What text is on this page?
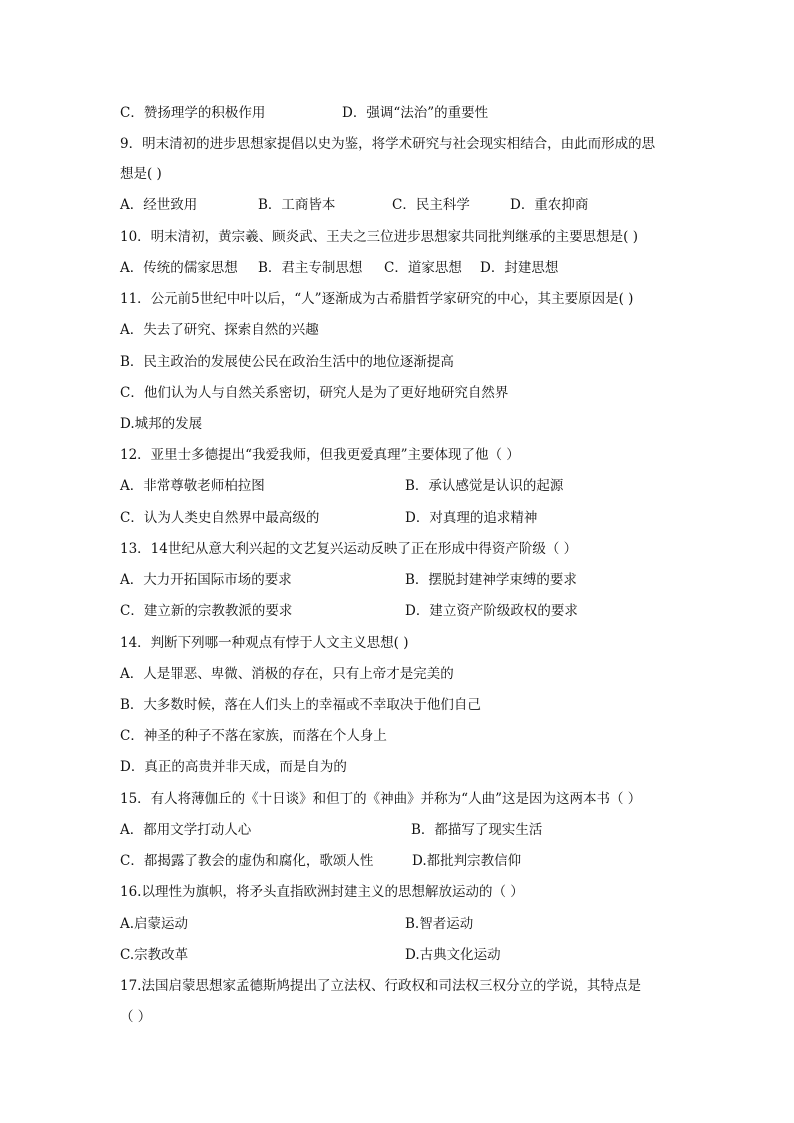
C．赞扬理学的积极作用	D．强调“法治”的重要性
9．明末清初的进步思想家提倡以史为鉴，将学术研究与社会现实相结合，由此而形成的思
想是( )
A．经世致用	B．工商皆本	C．民主科学	D．重农抑商
10．明末清初，黄宗羲、顾炎武、王夫之三位进步思想家共同批判继承的主要思想是( )
A．传统的儒家思想 B．君主专制思想 C．道家思想 D．封建思想
11．公元前5世纪中叶以后，“人”逐渐成为古希腊哲学家研究的中心，其主要原因是( )
A．失去了研究、探索自然的兴趣
B．民主政治的发展使公民在政治生活中的地位逐渐提高
C．他们认为人与自然关系密切，研究人是为了更好地研究自然界
D.城邦的发展
12．亚里士多德提出“我爱我师，但我更爱真理”主要体现了他（ ）
A．非常尊敬老师柏拉图	B．承认感觉是认识的起源
C．认为人类史自然界中最高级的	D．对真理的追求精神
13．14世纪从意大利兴起的文艺复兴运动反映了正在形成中得资产阶级（ ）
A．大力开拓国际市场的要求	B．摆脱封建神学束缚的要求
C．建立新的宗教教派的要求	D．建立资产阶级政权的要求
14．判断下列哪一种观点有悖于人文主义思想( )
A．人是罪恶、卑微、消极的存在，只有上帝才是完美的
B．大多数时候，落在人们头上的幸福或不幸取决于他们自己
C．神圣的种子不落在家族，而落在个人身上
D．真正的高贵并非天成，而是自为的
15．有人将薄伽丘的《十日谈》和但丁的《神曲》并称为“人曲”这是因为这两本书（ ）
A．都用文学打动人心	B．都描写了现实生活
C．都揭露了教会的虚伪和腐化，歌颂人性	D.都批判宗教信仰
16.以理性为旗帜，将矛头直指欧洲封建主义的思想解放运动的（ ）
A.启蒙运动	B.智者运动
C.宗教改革	D.古典文化运动
17.法国启蒙思想家孟德斯鸠提出了立法权、行政权和司法权三权分立的学说，其特点是
（ ）
